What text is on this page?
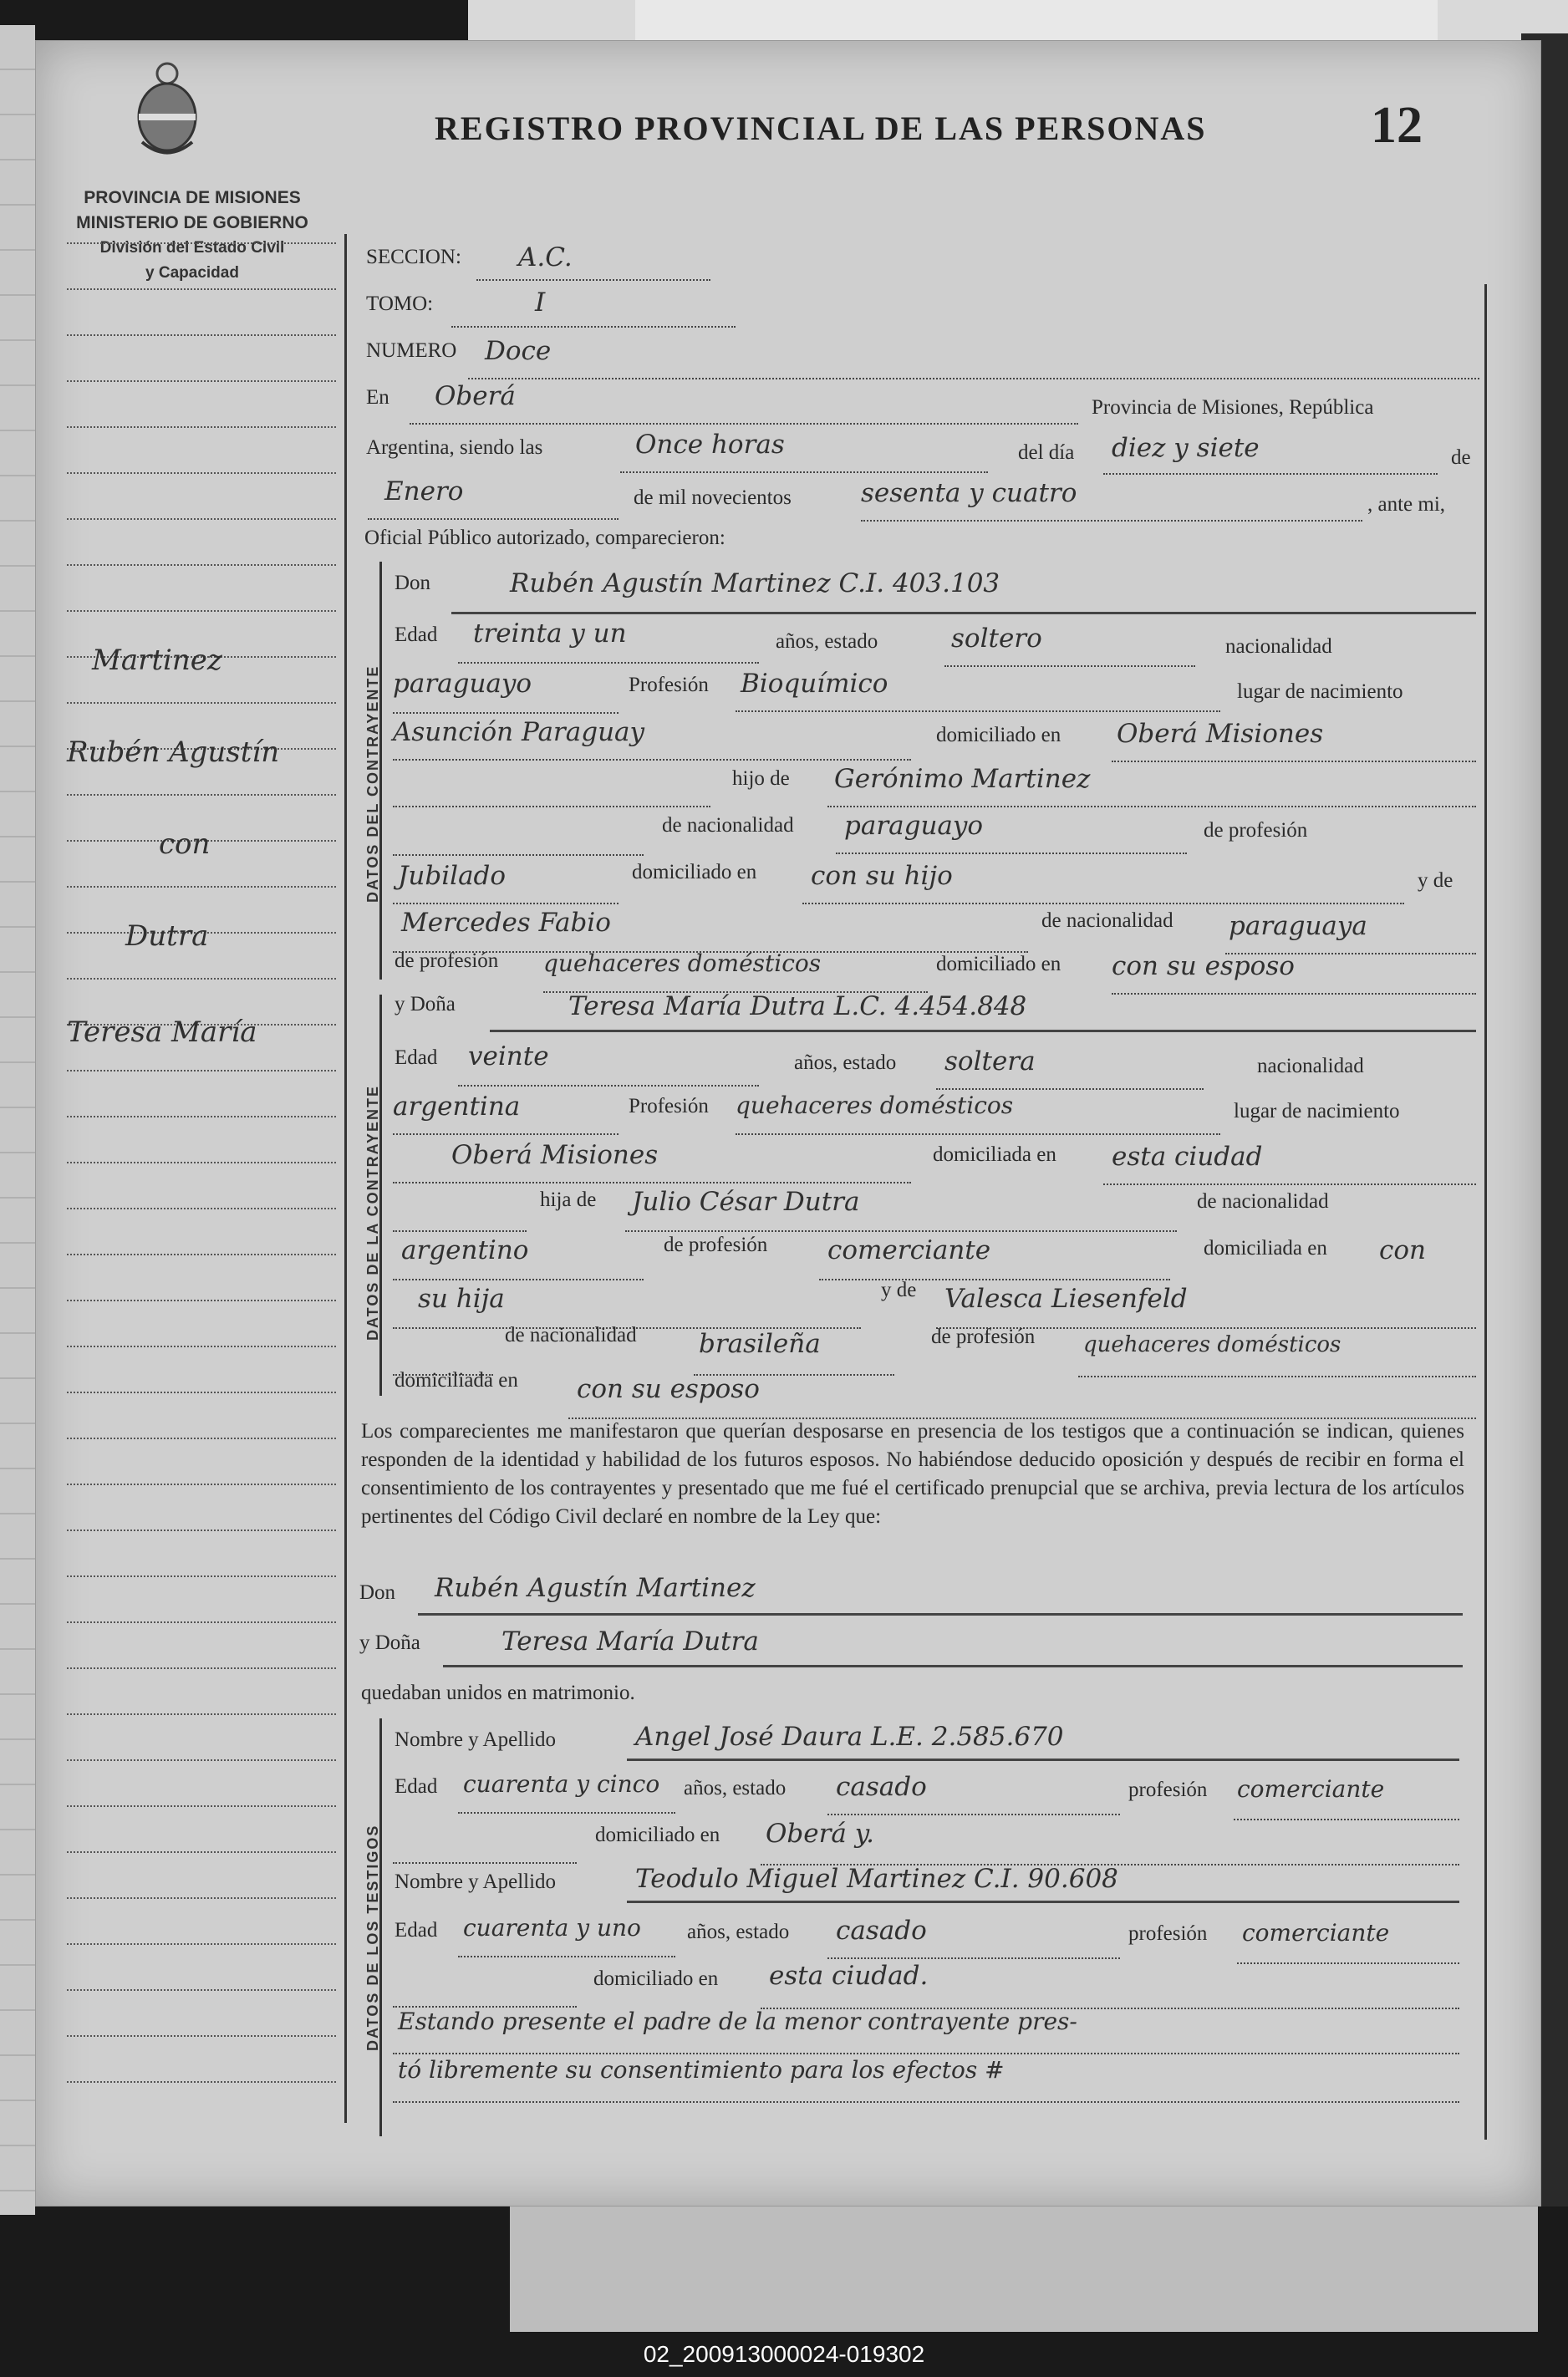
REGISTRO PROVINCIAL DE LAS PERSONAS	12
PROVINCIA DE MISIONES
MINISTERIO DE GOBIERNO
División del Estado Civil
y Capacidad
Martinez
Rubén Agustín
con
Dutra
Teresa María
SECCION: A.C.
TOMO:	I
NUMERO Doce
En Oberá	Provincia de Misiones, República
Argentina, siendo las	Once horas	del día diez y siete	de
Enero	de mil novecientos	sesenta y cuatro	, ante mi,
Oficial Público autorizado, comparecieron:
DATOS DEL CONTRAYENTE
Don	Rubén Agustín Martinez C.I. 403.103
Edad treinta y un	años, estado	soltero	nacionalidad
paraguayo	Profesión Bioquímico	lugar de nacimiento
Asunción Paraguay	domiciliado en Oberá Misiones
hijo de Gerónimo Martinez
de nacionalidad paraguayo	de profesión
Jubilado	domiciliado en con su hijo	y de
Mercedes Fabio	de nacionalidad paraguaya
de profesión quehaceres domésticos	domiciliado en con su esposo
DATOS DE LA CONTRAYENTE
y Doña	Teresa María Dutra L.C. 4.454.848
Edad veinte	años, estado soltera	nacionalidad
argentina	Profesión quehaceres domésticos	lugar de nacimiento
Oberá Misiones	domiciliada en esta ciudad
hija de Julio César Dutra	de nacionalidad
argentino	de profesión comerciante	domiciliada en con
su hija	y de Valesca Liesenfeld
de nacionalidad brasileña	de profesión quehaceres domésticos
domiciliada en con su esposo
Los comparecientes me manifestaron que querían desposarse en presencia de los testigos que a continuación se indican, quienes responden de la identidad y habilidad de los futuros esposos. No habiéndose deducido oposición y después de recibir en forma el consentimiento de los contrayentes y presentado que me fué el certificado prenupcial que se archiva, previa lectura de los artículos pertinentes del Código Civil declaré en nombre de la Ley que:
Don Rubén Agustín Martinez
y Doña	Teresa María Dutra
quedaban unidos en matrimonio.
DATOS DE LOS TESTIGOS
Nombre y Apellido	Angel José Daura L.E. 2.585.670
Edad cuarenta y cinco años, estado casado	profesión comerciante
domiciliado en Oberá y.
Nombre y Apellido	Teodulo Miguel Martinez C.I. 90.608
Edad cuarenta y uno años, estado casado	profesión comerciante
domiciliado en esta ciudad.
Estando presente el padre de la menor contrayente pres-
tó libremente su consentimiento para los efectos #
02_200913000024-019302
